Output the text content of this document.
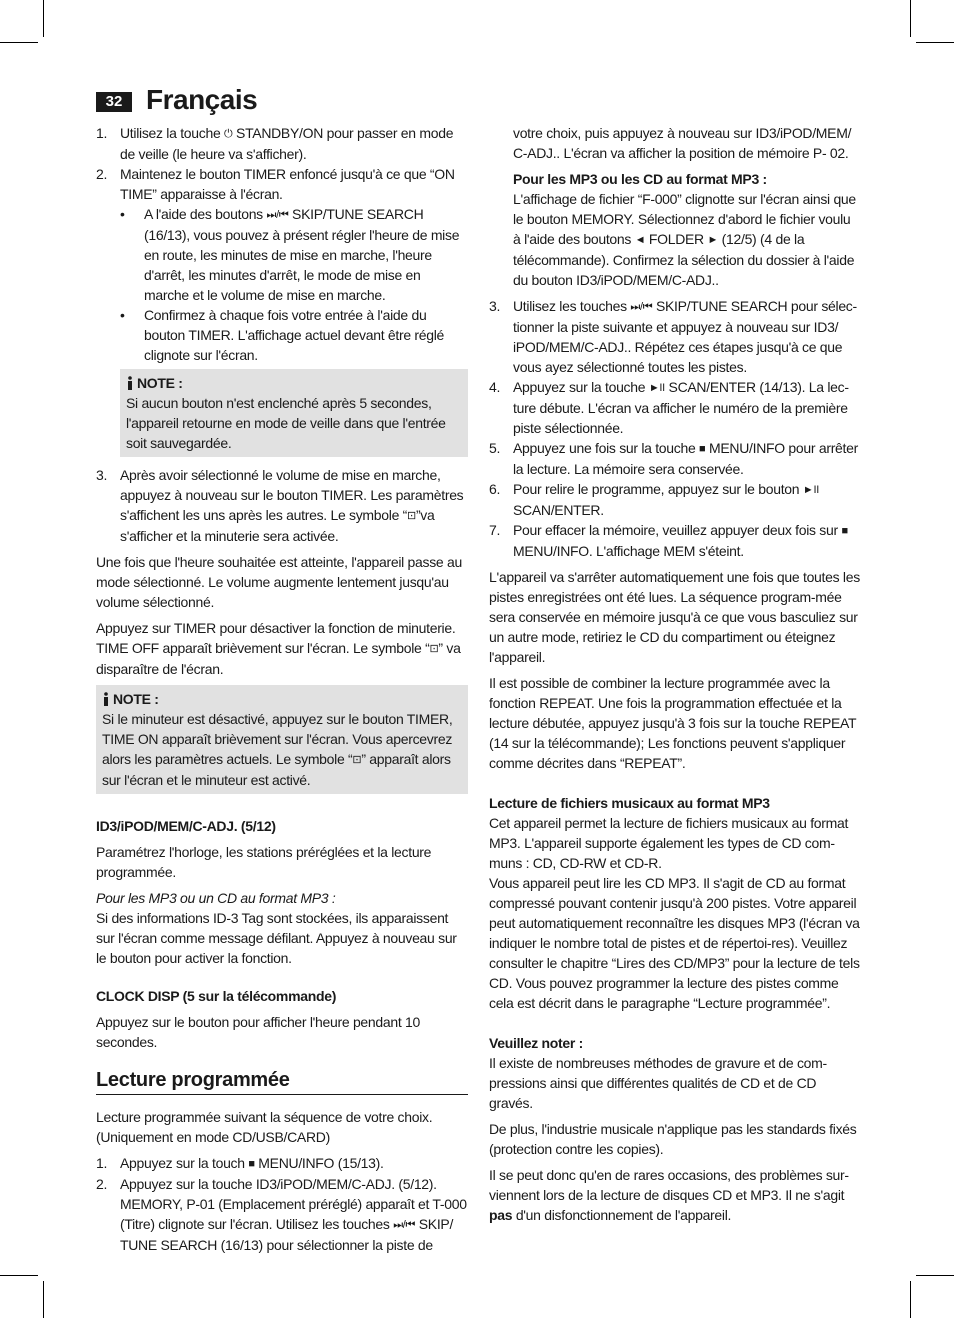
32 Français
1. Utilisez la touche ⏻ STANDBY/ON pour passer en mode de veille (le heure va s'afficher).
2. Maintenez le bouton TIMER enfoncé jusqu'à ce que “ON TIME” apparaisse à l'écran.
• A l'aide des boutons ⏭/⏮ SKIP/TUNE SEARCH (16/13), vous pouvez à présent régler l'heure de mise en route, les minutes de mise en marche, l'heure d'arrêt, les minutes d'arrêt, le mode de mise en marche et le volume de mise en marche.
• Confirmez à chaque fois votre entrée à l'aide du bouton TIMER. L'affichage actuel devant être réglé clignote sur l'écran.
NOTE :
Si aucun bouton n'est enclenché après 5 secondes, l'appareil retourne en mode de veille dans que l'entrée soit sauvegardée.
3. Après avoir sélectionné le volume de mise en marche, appuyez à nouveau sur le bouton TIMER. Les paramètres s'affichent les uns après les autres. Le symbole “⊡”va s'afficher et la minuterie sera activée.

Une fois que l'heure souhaitée est atteinte, l'appareil passe au mode sélectionné. Le volume augmente lentement jusqu'au volume sélectionné.

Appuyez sur TIMER pour désactiver la fonction de minuterie. TIME OFF apparaît brièvement sur l'écran. Le symbole “⊡” va disparaître de l'écran.

NOTE :
Si le minuteur est désactivé, appuyez sur le bouton TIMER, TIME ON apparaît brièvement sur l'écran. Vous apercevrez alors les paramètres actuels. Le symbole “⊡” apparaît alors sur l'écran et le minuteur est activé.

ID3/iPOD/MEM/C-ADJ. (5/12)

Paramétrez l'horloge, les stations préréglées et la lecture programmée.

Pour les MP3 ou un CD au format MP3 :

Si des informations ID-3 Tag sont stockées, ils apparaissent sur l'écran comme message défilant. Appuyez à nouveau sur le bouton pour activer la fonction.

CLOCK DISP (5 sur la télécommande)

Appuyez sur le bouton pour afficher l'heure pendant 10 secondes.

Lecture programmée

Lecture programmée suivant la séquence de votre choix. (Uniquement en mode CD/USB/CARD)

1. Appuyez sur la touch ■ MENU/INFO (15/13).
2. Appuyez sur la touche ID3/iPOD/MEM/C-ADJ. (5/12). MEMORY, P-01 (Emplacement préréglé) apparaît et T-000 (Titre) clignote sur l'écran. Utilisez les touches ⏭/⏮ SKIP/ TUNE SEARCH (16/13) pour sélectionner la piste de

votre choix, puis appuyez à nouveau sur ID3/iPOD/MEM/ C-ADJ.. L'écran va afficher la position de mémoire P- 02.

Pour les MP3 ou les CD au format MP3 :

L'affichage de fichier “F-000” clignotte sur l'écran ainsi que le bouton MEMORY. Sélectionnez d'abord le fichier voulu à l'aide des boutons ◄ FOLDER ► (12/5) (4 de la télécommande). Confirmez la sélection du dossier à l'aide du bouton ID3/iPOD/MEM/C-ADJ..

3. Utilisez les touches ⏭/⏮ SKIP/TUNE SEARCH pour sélec-tionner la piste suivante et appuyez à nouveau sur ID3/ iPOD/MEM/C-ADJ.. Répétez ces étapes jusqu'à ce que vous ayez sélectionné toutes les pistes.
4. Appuyez sur la touche ►II SCAN/ENTER (14/13). La lec-ture débute. L'écran va afficher le numéro de la première piste sélectionnée.
5. Appuyez une fois sur la touche ■ MENU/INFO pour arrêter la lecture. La mémoire sera conservée.
6. Pour relire le programme, appuyez sur le bouton ►II SCAN/ENTER.
7. Pour effacer la mémoire, veuillez appuyer deux fois sur ■ MENU/INFO. L'affichage MEM s'éteint.

L'appareil va s'arrêter automatiquement une fois que toutes les pistes enregistrées ont été lues. La séquence program-mée sera conservée en mémoire jusqu'à ce que vous basculiez sur un autre mode, retiriez le CD du compartiment ou éteignez l'appareil.

Il est possible de combiner la lecture programmée avec la fonction REPEAT. Une fois la programmation effectuée et la lecture débutée, appuyez jusqu'à 3 fois sur la touche REPEAT (14 sur la télécommande); Les fonctions peuvent s'appliquer comme décrites dans “REPEAT”.

Lecture de fichiers musicaux au format MP3

Cet appareil permet la lecture de fichiers musicaux au format MP3. L'appareil supporte également les types de CD com-muns : CD, CD-RW et CD-R.

Vous appareil peut lire les CD MP3. Il s'agit de CD au format compressé pouvant contenir jusqu'à 200 pistes. Votre appareil peut automatiquement reconnaître les disques MP3 (l'écran va indiquer le nombre total de pistes et de répertoi-res). Veuillez consulter le chapitre “Lires des CD/MP3” pour la lecture de tels CD. Vous pouvez programmer la lecture des pistes comme cela est décrit dans le paragraphe “Lecture programmée”.

Veuillez noter :

Il existe de nombreuses méthodes de gravure et de com-pressions ainsi que différentes qualités de CD et de CD gravés.

De plus, l'industrie musicale n'applique pas les standards fixés (protection contre les copies).

Il se peut donc qu'en de rares occasions, des problèmes sur-viennent lors de la lecture de disques CD et MP3. Il ne s'agit pas d'un disfonctionnement de l'appareil.
